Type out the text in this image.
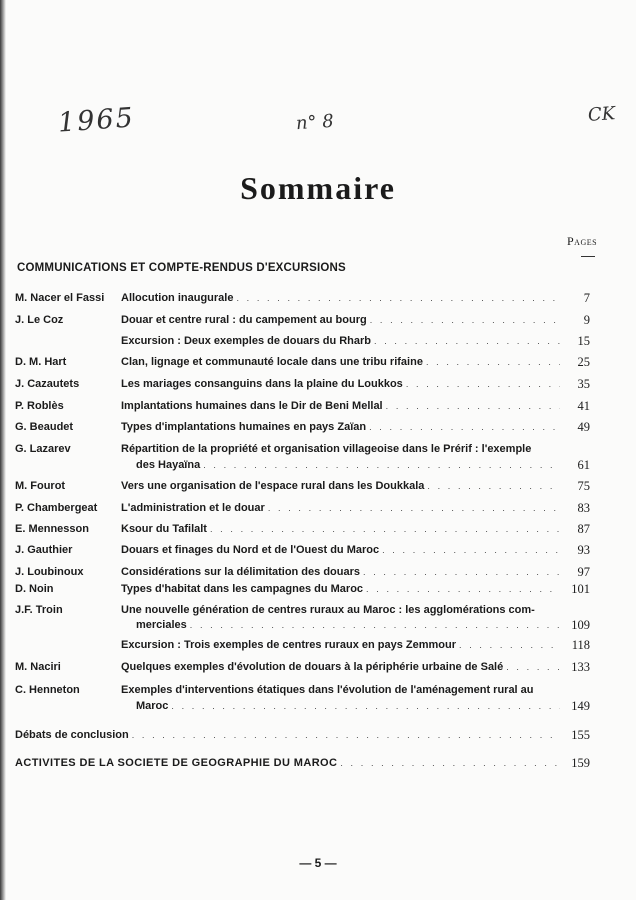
1965	n° 8	CK
Sommaire
Pages
COMMUNICATIONS ET COMPTE-RENDUS D'EXCURSIONS
M. Nacer el Fassi	Allocution inaugurale . . .	7
J. Le Coz	Douar et centre rural : du campement au bourg . . .	9
Excursion : Deux exemples de douars du Rharb . . .	15
D. M. Hart	Clan, lignage et communauté locale dans une tribu rifaine . . .	25
J. Cazautets	Les mariages consanguins dans la plaine du Loukkos . . .	35
P. Roblès	Implantations humaines dans le Dir de Beni Mellal . . .	41
G. Beaudet	Types d'implantations humaines en pays Zaïan . . .	49
G. Lazarev	Répartition de la propriété et organisation villageoise dans le Prérif : l'exemple
des Hayaïna . . .	61
M. Fourot	Vers une organisation de l'espace rural dans les Doukkala . . .	75
P. Chambergeat	L'administration et le douar . . .	83
E. Mennesson	Ksour du Tafilalt . . .	87
J. Gauthier	Douars et finages du Nord et de l'Ouest du Maroc . . .	93
J. Loubinoux	Considérations sur la délimitation des douars . . .	97
D. Noin	Types d'habitat dans les campagnes du Maroc . . .	101
J.F. Troin	Une nouvelle génération de centres ruraux au Maroc : les agglomérations com-
merciales . . .	109
Excursion : Trois exemples de centres ruraux en pays Zemmour . . .	118
M. Naciri	Quelques exemples d'évolution de douars à la périphérie urbaine de Salé . . .	133
C. Henneton	Exemples d'interventions étatiques dans l'évolution de l'aménagement rural au
Maroc . . .	149
Débats de conclusion . . .	155
ACTIVITES DE LA SOCIETE DE GEOGRAPHIE DU MAROC . . .	159
— 5 —
